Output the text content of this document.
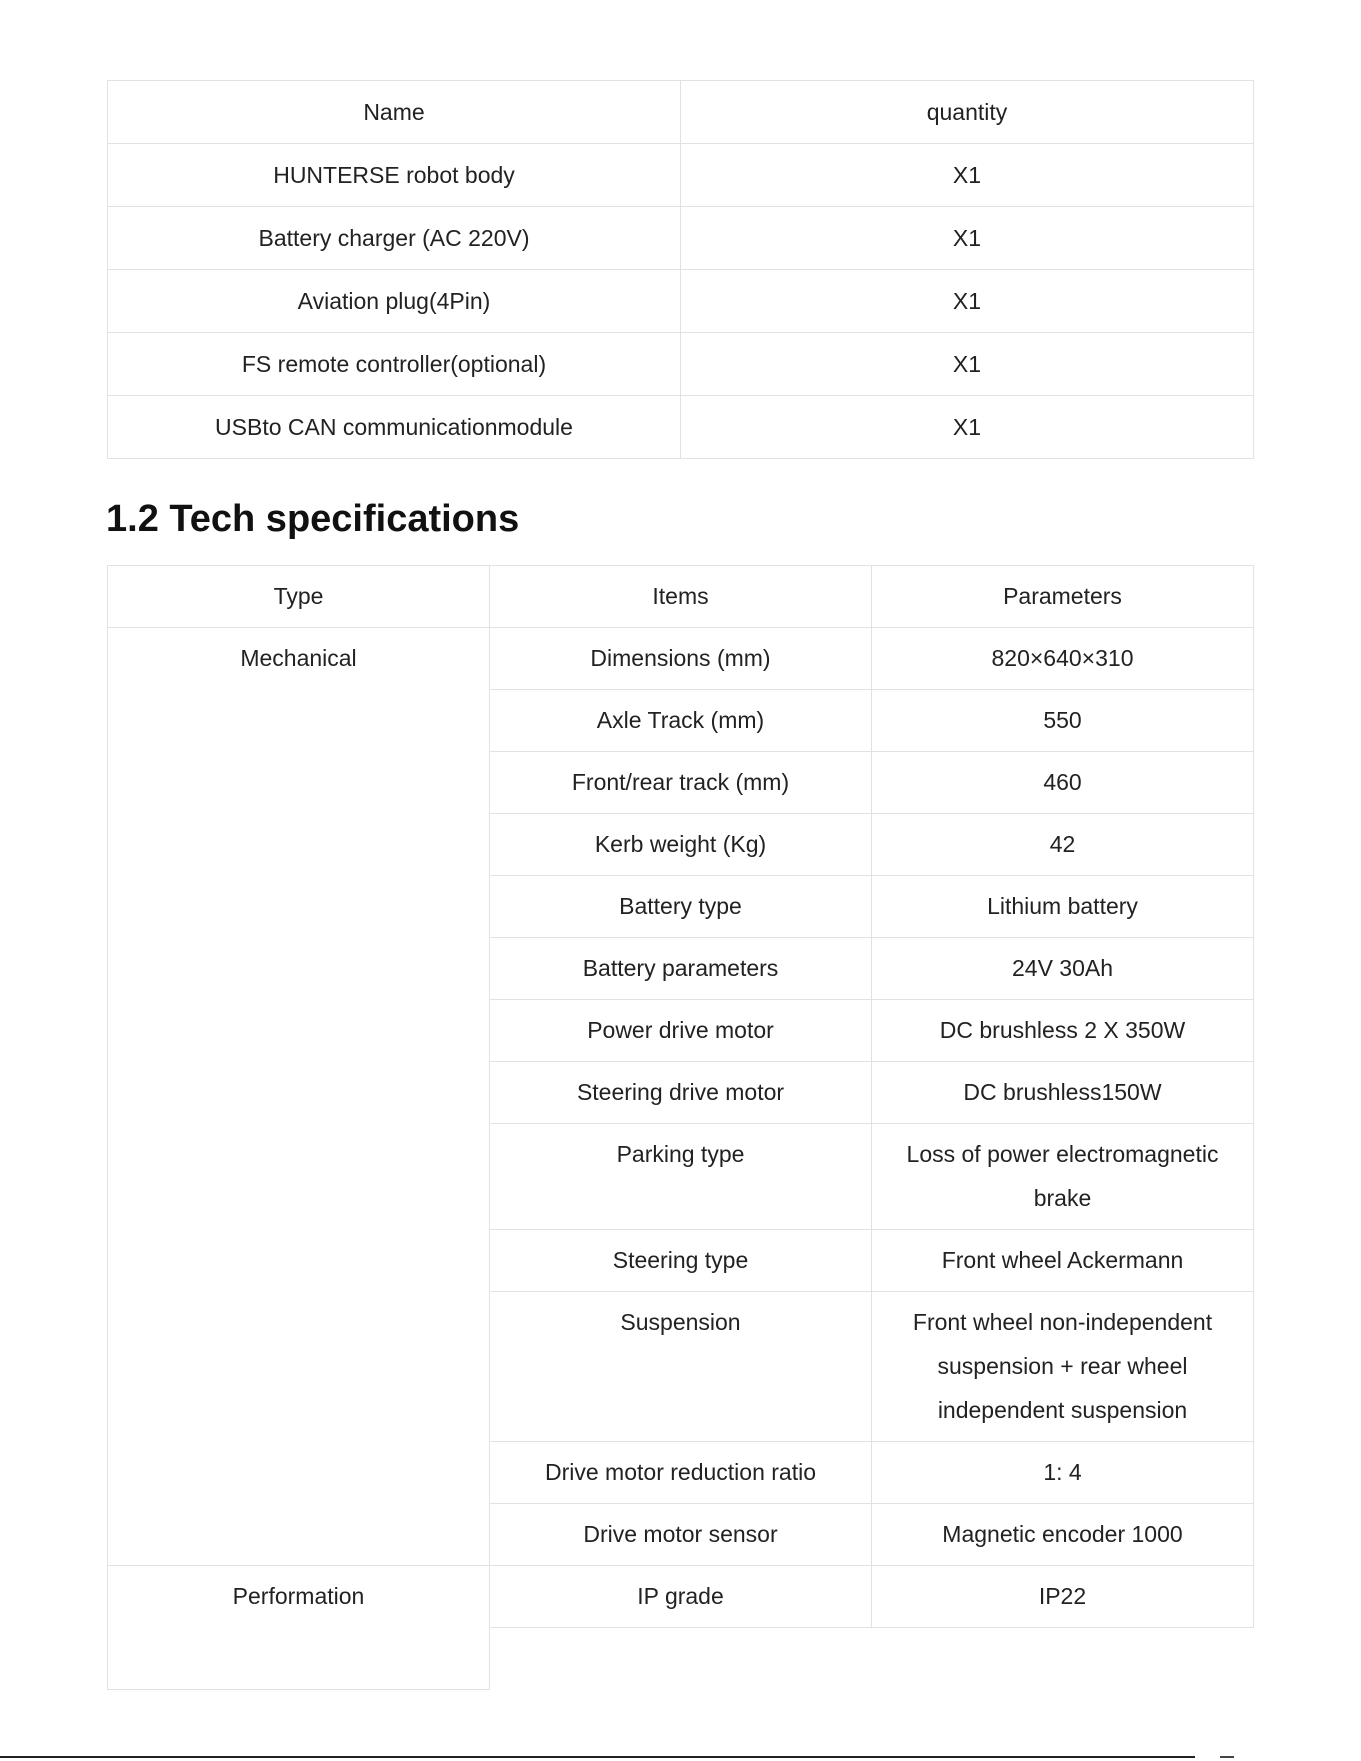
Name	quantity
HUNTERSE robot body	X1
Battery charger (AC 220V)	X1
Aviation plug(4Pin)	X1
FS remote controller(optional)	X1
USBto CAN communicationmodule	X1
1.2 Tech specifications
Type	Items	Parameters
Mechanical	Dimensions (mm)	820×640×310
	Axle Track (mm)	550
	Front/rear track (mm)	460
	Kerb weight (Kg)	42
	Battery type	Lithium battery
	Battery parameters	24V 30Ah
	Power drive motor	DC brushless 2 X 350W
	Steering drive motor	DC brushless150W
	Parking type	Loss of power electromagnetic brake
	Steering type	Front wheel Ackermann
	Suspension	Front wheel non-independent suspension + rear wheel independent suspension
	Drive motor reduction ratio	1: 4
	Drive motor sensor	Magnetic encoder 1000
Performation	IP grade	IP22
